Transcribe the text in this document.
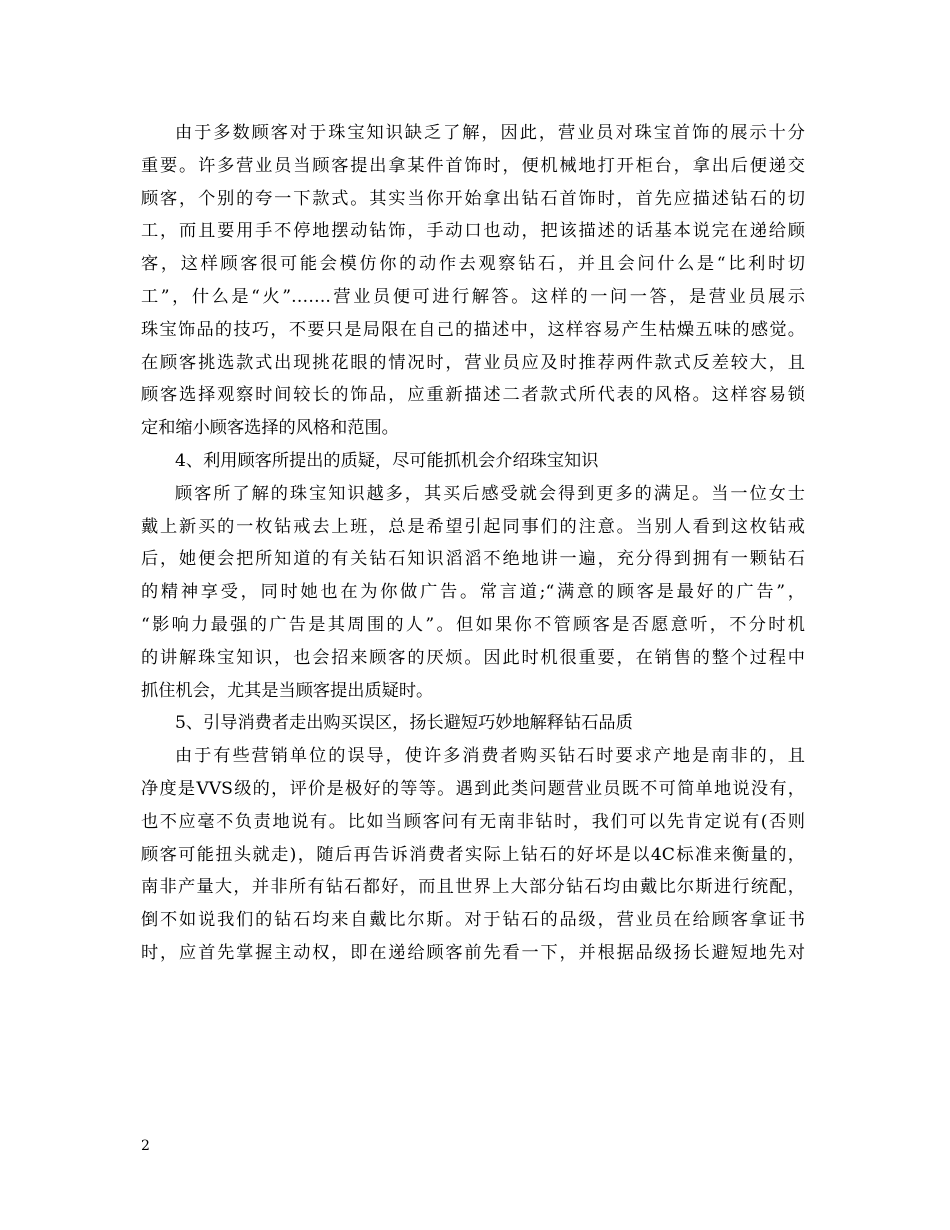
由于多数顾客对于珠宝知识缺乏了解，因此，营业员对珠宝首饰的展示十分
重要。许多营业员当顾客提出拿某件首饰时，便机械地打开柜台，拿出后便递交
顾客，个别的夸一下款式。其实当你开始拿出钻石首饰时，首先应描述钻石的切
工，而且要用手不停地摆动钻饰，手动口也动，把该描述的话基本说完在递给顾
客，这样顾客很可能会模仿你的动作去观察钻石，并且会问什么是“比利时切
工”，什么是“火”…….营业员便可进行解答。这样的一问一答，是营业员展示
珠宝饰品的技巧，不要只是局限在自己的描述中，这样容易产生枯燥五味的感觉。
在顾客挑选款式出现挑花眼的情况时，营业员应及时推荐两件款式反差较大，且
顾客选择观察时间较长的饰品，应重新描述二者款式所代表的风格。这样容易锁
定和缩小顾客选择的风格和范围。
4、利用顾客所提出的质疑，尽可能抓机会介绍珠宝知识
顾客所了解的珠宝知识越多，其买后感受就会得到更多的满足。当一位女士
戴上新买的一枚钻戒去上班，总是希望引起同事们的注意。当别人看到这枚钻戒
后，她便会把所知道的有关钻石知识滔滔不绝地讲一遍，充分得到拥有一颗钻石
的精神享受，同时她也在为你做广告。常言道;“满意的顾客是最好的广告”，
“影响力最强的广告是其周围的人”。但如果你不管顾客是否愿意听，不分时机
的讲解珠宝知识，也会招来顾客的厌烦。因此时机很重要，在销售的整个过程中
抓住机会，尤其是当顾客提出质疑时。
5、引导消费者走出购买误区，扬长避短巧妙地解释钻石品质
由于有些营销单位的误导，使许多消费者购买钻石时要求产地是南非的，且
净度是VVS级的，评价是极好的等等。遇到此类问题营业员既不可简单地说没有，
也不应毫不负责地说有。比如当顾客问有无南非钻时，我们可以先肯定说有(否则
顾客可能扭头就走)，随后再告诉消费者实际上钻石的好坏是以4C标准来衡量的，
南非产量大，并非所有钻石都好，而且世界上大部分钻石均由戴比尔斯进行统配，
倒不如说我们的钻石均来自戴比尔斯。对于钻石的品级，营业员在给顾客拿证书
时，应首先掌握主动权，即在递给顾客前先看一下，并根据品级扬长避短地先对
2
